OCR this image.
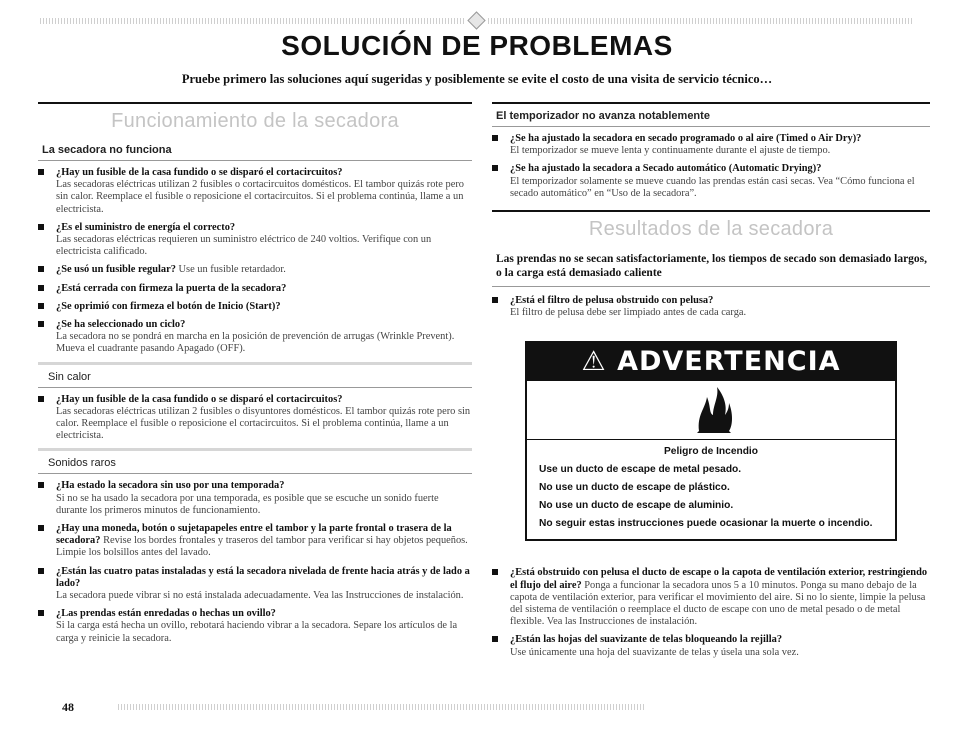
SOLUCIÓN DE PROBLEMAS
Pruebe primero las soluciones aquí sugeridas y posiblemente se evite el costo de una visita de servicio técnico…
Funcionamiento de la secadora
La secadora no funciona
¿Hay un fusible de la casa fundido o se disparó el cortacircuitos?
Las secadoras eléctricas utilizan 2 fusibles o cortacircuitos domésticos. El tambor quizás rote pero sin calor. Reemplace el fusible o reposicione el cortacircuitos. Si el problema continúa, llame a un electricista.
¿Es el suministro de energía el correcto?
Las secadoras eléctricas requieren un suministro eléctrico de 240 voltios. Verifique con un electricista calificado.
¿Se usó un fusible regular? Use un fusible retardador.
¿Está cerrada con firmeza la puerta de la secadora?
¿Se oprimió con firmeza el botón de Inicio (Start)?
¿Se ha seleccionado un ciclo?
La secadora no se pondrá en marcha en la posición de prevención de arrugas (Wrinkle Prevent). Mueva el cuadrante pasando Apagado (OFF).
Sin calor
¿Hay un fusible de la casa fundido o se disparó el cortacircuitos?
Las secadoras eléctricas utilizan 2 fusibles o disyuntores domésticos. El tambor quizás rote pero sin calor. Reemplace el fusible o reposicione el cortacircuitos. Si el problema continúa, llame a un electricista.
Sonidos raros
¿Ha estado la secadora sin uso por una temporada?
Si no se ha usado la secadora por una temporada, es posible que se escuche un sonido fuerte durante los primeros minutos de funcionamiento.
¿Hay una moneda, botón o sujetapapeles entre el tambor y la parte frontal o trasera de la secadora? Revise los bordes frontales y traseros del tambor para verificar si hay objetos pequeños. Limpie los bolsillos antes del lavado.
¿Están las cuatro patas instaladas y está la secadora nivelada de frente hacia atrás y de lado a lado?
La secadora puede vibrar si no está instalada adecuadamente. Vea las Instrucciones de instalación.
¿Las prendas están enredadas o hechas un ovillo?
Si la carga está hecha un ovillo, rebotará haciendo vibrar a la secadora. Separe los artículos de la carga y reinicie la secadora.
El temporizador no avanza notablemente
¿Se ha ajustado la secadora en secado programado o al aire (Timed o Air Dry)?
El temporizador se mueve lenta y continuamente durante el ajuste de tiempo.
¿Se ha ajustado la secadora a Secado automático (Automatic Drying)?
El temporizador solamente se mueve cuando las prendas están casi secas. Vea “Cómo funciona el secado automático” en “Uso de la secadora”.
Resultados de la secadora
Las prendas no se secan satisfactoriamente, los tiempos de secado son demasiado largos, o la carga está demasiado caliente
¿Está el filtro de pelusa obstruido con pelusa?
El filtro de pelusa debe ser limpiado antes de cada carga.
⚠ ADVERTENCIA
Peligro de Incendio
Use un ducto de escape de metal pesado.
No use un ducto de escape de plástico.
No use un ducto de escape de aluminio.
No seguir estas instrucciones puede ocasionar la muerte o incendio.
¿Está obstruido con pelusa el ducto de escape o la capota de ventilación exterior, restringiendo el flujo del aire? Ponga a funcionar la secadora unos 5 a 10 minutos. Ponga su mano debajo de la capota de ventilación exterior, para verificar el movimiento del aire. Si no lo siente, limpie la pelusa del sistema de ventilación o reemplace el ducto de escape con uno de metal pesado o de metal flexible. Vea las Instrucciones de instalación.
¿Están las hojas del suavizante de telas bloqueando la rejilla?
Use únicamente una hoja del suavizante de telas y úsela una sola vez.
48
